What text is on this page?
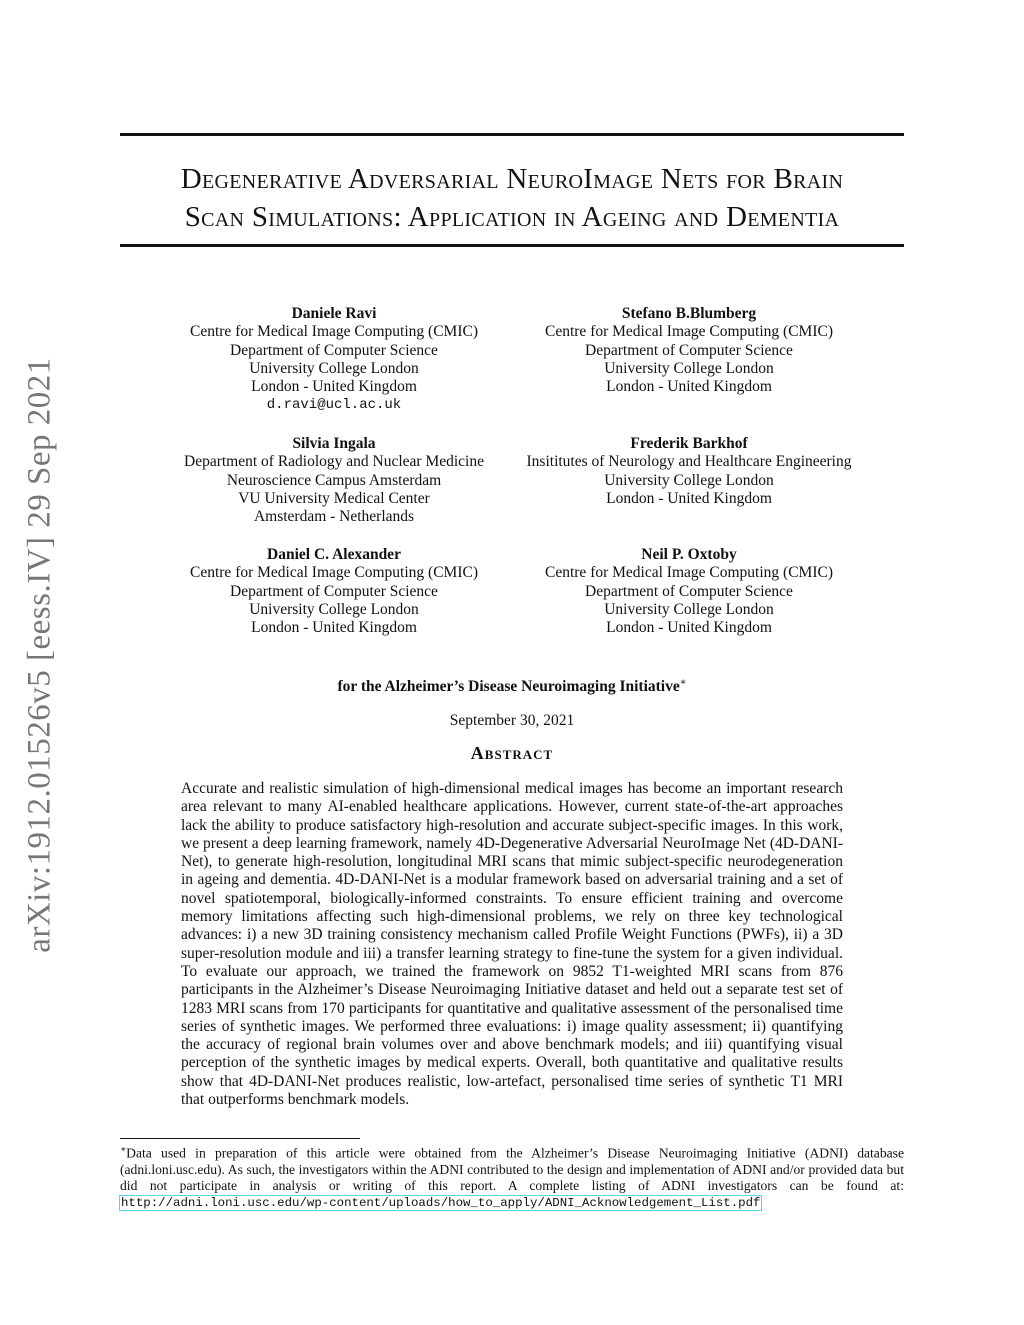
Degenerative Adversarial NeuroImage Nets for Brain
Scan Simulations: Application in Ageing and Dementia
arXiv:1912.01526v5 [eess.IV] 29 Sep 2021
Daniele Ravi
Centre for Medical Image Computing (CMIC)
Department of Computer Science
University College London
London - United Kingdom
d.ravi@ucl.ac.uk
Stefano B.Blumberg
Centre for Medical Image Computing (CMIC)
Department of Computer Science
University College London
London - United Kingdom
Silvia Ingala
Department of Radiology and Nuclear Medicine
Neuroscience Campus Amsterdam
VU University Medical Center
Amsterdam - Netherlands
Frederik Barkhof
Insititutes of Neurology and Healthcare Engineering
University College London
London - United Kingdom
Daniel C. Alexander
Centre for Medical Image Computing (CMIC)
Department of Computer Science
University College London
London - United Kingdom
Neil P. Oxtoby
Centre for Medical Image Computing (CMIC)
Department of Computer Science
University College London
London - United Kingdom
for the Alzheimer’s Disease Neuroimaging Initiative∗
September 30, 2021
Abstract
Accurate and realistic simulation of high-dimensional medical images has become an important research area relevant to many AI-enabled healthcare applications. However, current state-of-the-art approaches lack the ability to produce satisfactory high-resolution and accurate subject-specific images. In this work, we present a deep learning framework, namely 4D-Degenerative Adversarial NeuroImage Net (4D-DANI-Net), to generate high-resolution, longitudinal MRI scans that mimic subject-specific neurodegeneration in ageing and dementia. 4D-DANI-Net is a modular framework based on adversarial training and a set of novel spatiotemporal, biologically-informed constraints. To ensure efficient training and overcome memory limitations affecting such high-dimensional problems, we rely on three key technological advances: i) a new 3D training consistency mechanism called Profile Weight Functions (PWFs), ii) a 3D super-resolution module and iii) a transfer learning strategy to fine-tune the system for a given individual. To evaluate our approach, we trained the framework on 9852 T1-weighted MRI scans from 876 participants in the Alzheimer’s Disease Neuroimaging Initiative dataset and held out a separate test set of 1283 MRI scans from 170 participants for quantitative and qualitative assessment of the personalised time series of synthetic images. We performed three evaluations: i) image quality assessment; ii) quantifying the accuracy of regional brain volumes over and above benchmark models; and iii) quantifying visual perception of the synthetic images by medical experts. Overall, both quantitative and qualitative results show that 4D-DANI-Net produces realistic, low-artefact, personalised time series of synthetic T1 MRI that outperforms benchmark models.
∗Data used in preparation of this article were obtained from the Alzheimer’s Disease Neuroimaging Initiative (ADNI) database (adni.loni.usc.edu). As such, the investigators within the ADNI contributed to the design and implementation of ADNI and/or provided data but did not participate in analysis or writing of this report. A complete listing of ADNI investigators can be found at: http://adni.loni.usc.edu/wp-content/uploads/how_to_apply/ADNI_Acknowledgement_List.pdf
